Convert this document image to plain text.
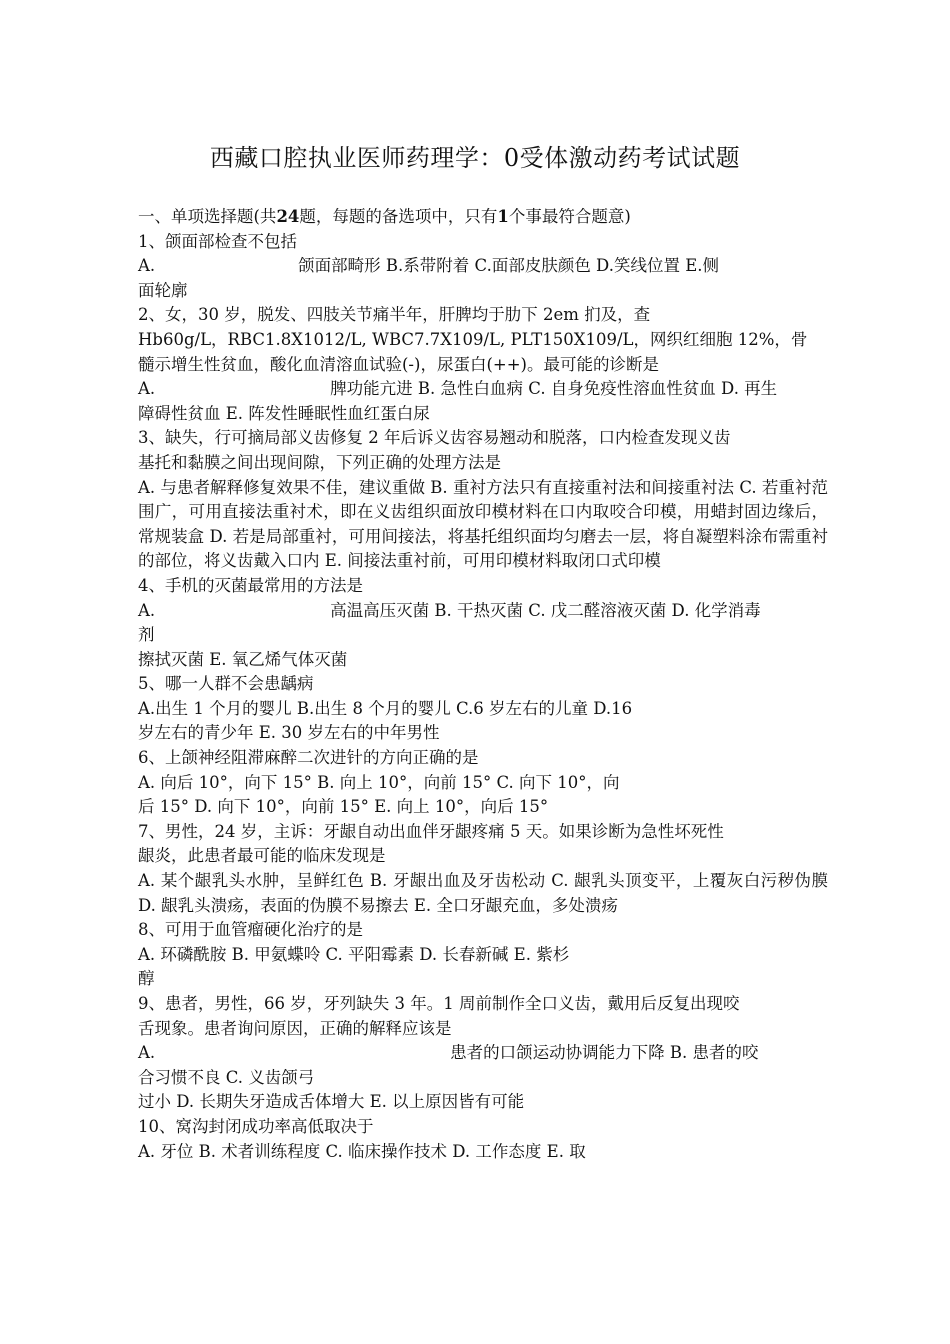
西藏口腔执业医师药理学：0受体激动药考试试题
一、单项选择题(共24题，每题的备选项中，只有1个事最符合题意)
1、颌面部检查不包括
A.	颌面部畸形 B.系带附着 C.面部皮肤颜色 D.笑线位置 E.侧
面轮廓
2、女，30 岁，脱发、四肢关节痛半年，肝脾均于肋下 2em 扪及，查
Hb60g/L，RBC1.8X1012/L, WBC7.7X109/L, PLT150X109/L，网织红细胞 12%，骨
髓示增生性贫血，酸化血清溶血试验(-)，尿蛋白(++)。最可能的诊断是
A.	脾功能亢进 B. 急性白血病 C. 自身免疫性溶血性贫血 D. 再生
障碍性贫血 E. 阵发性睡眠性血红蛋白尿
3、缺失，行可摘局部义齿修复 2 年后诉义齿容易翘动和脱落，口内检查发现义齿
基托和黏膜之间出现间隙，下列正确的处理方法是
A. 与患者解释修复效果不佳，建议重做 B. 重衬方法只有直接重衬法和间接重衬法 C. 若重衬范围广，可用直接法重衬术，即在义齿组织面放印模材料在口内取咬合印模，用蜡封固边缘后，常规装盒 D. 若是局部重衬，可用间接法，将基托组织面均匀磨去一层，将自凝塑料涂布需重衬的部位，将义齿戴入口内 E. 间接法重衬前，可用印模材料取闭口式印模
4、手机的灭菌最常用的方法是
A.	高温高压灭菌 B. 干热灭菌 C. 戊二醛溶液灭菌 D. 化学消毒
剂
擦拭灭菌 E. 氧乙烯气体灭菌
5、哪一人群不会患龋病
A.出生 1 个月的婴儿 B.出生 8 个月的婴儿 C.6 岁左右的儿童 D.16
岁左右的青少年 E. 30 岁左右的中年男性
6、上颌神经阻滞麻醉二次进针的方向正确的是
A. 向后 10°，向下 15° B. 向上 10°，向前 15° C. 向下 10°，向
后 15° D. 向下 10°，向前 15° E. 向上 10°，向后 15°
7、男性，24 岁，主诉：牙龈自动出血伴牙龈疼痛 5 天。如果诊断为急性坏死性
龈炎，此患者最可能的临床发现是
A. 某个龈乳头水肿，呈鲜红色 B. 牙龈出血及牙齿松动 C. 龈乳头顶变平，上覆灰白污秽伪膜 D. 龈乳头溃疡，表面的伪膜不易擦去 E. 全口牙龈充血，多处溃疡
8、可用于血管瘤硬化治疗的是
A. 环磷酰胺 B. 甲氨蝶呤 C. 平阳霉素 D. 长春新碱 E. 紫杉
醇
9、患者，男性，66 岁，牙列缺失 3 年。1 周前制作全口义齿，戴用后反复出现咬
舌现象。患者询问原因，正确的解释应该是
A.	患者的口颌运动协调能力下降 B. 患者的咬
合习惯不良 C. 义齿颌弓
过小 D. 长期失牙造成舌体增大 E. 以上原因皆有可能
10、窝沟封闭成功率高低取决于
A. 牙位 B. 术者训练程度 C. 临床操作技术 D. 工作态度 E. 取
